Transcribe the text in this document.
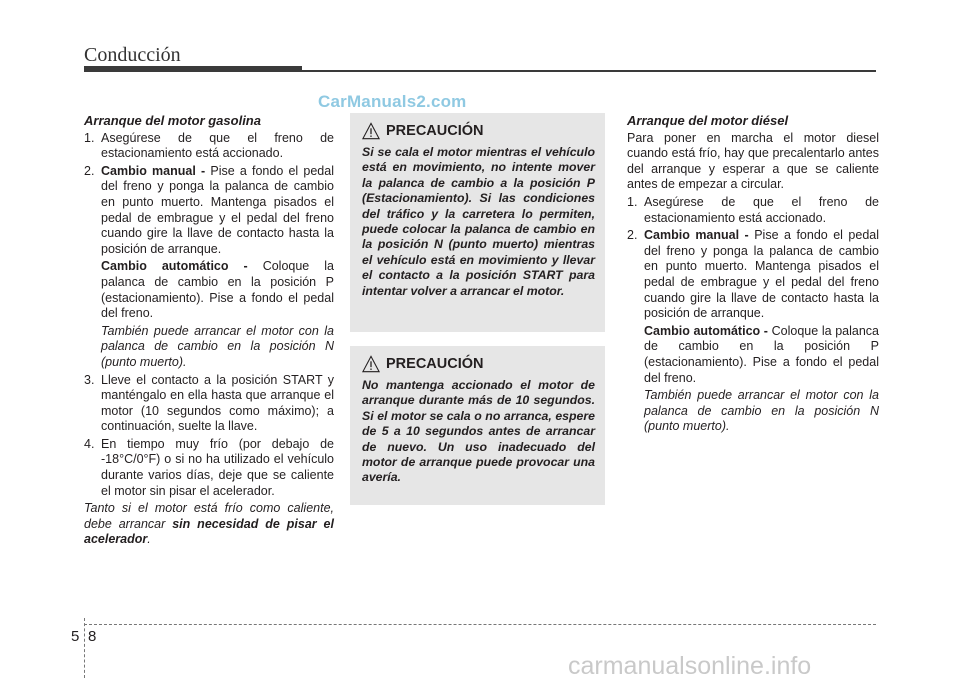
Conducción
CarManuals2.com
Arranque del motor gasolina
1. Asegúrese de que el freno de estacionamiento está accionado.
2. Cambio manual - Pise a fondo el pedal del freno y ponga la palanca de cambio en punto muerto. Mantenga pisados el pedal de embrague y el pedal del freno cuando gire la llave de contacto hasta la posición de arranque.
Cambio automático - Coloque la palanca de cambio en la posición P (estacionamiento). Pise a fondo el pedal del freno.
También puede arrancar el motor con la palanca de cambio en la posición N (punto muerto).
3. Lleve el contacto a la posición START y manténgalo en ella hasta que arranque el motor (10 segundos como máximo); a continuación, suelte la llave.
4. En tiempo muy frío (por debajo de -18°C/0°F) o si no ha utilizado el vehículo durante varios días, deje que se caliente el motor sin pisar el acelerador.
Tanto si el motor está frío como caliente, debe arrancar sin necesidad de pisar el acelerador.
PRECAUCIÓN

Si se cala el motor mientras el vehículo está en movimiento, no intente mover la palanca de cambio a la posición P (Estacionamiento). Si las condiciones del tráfico y la carretera lo permiten, puede colocar la palanca de cambio en la posición N (punto muerto) mientras el vehículo está en movimiento y llevar el contacto a la posición START para intentar volver a arrancar el motor.

PRECAUCIÓN

No mantenga accionado el motor de arranque durante más de 10 segundos. Si el motor se cala o no arranca, espere de 5 a 10 segundos antes de arrancar de nuevo. Un uso inadecuado del motor de arranque puede provocar una avería.

Arranque del motor diésel
Para poner en marcha el motor diesel cuando está frío, hay que precalentarlo antes del arranque y esperar a que se caliente antes de empezar a circular.
1. Asegúrese de que el freno de estacionamiento está accionado.
2. Cambio manual - Pise a fondo el pedal del freno y ponga la palanca de cambio en punto muerto. Mantenga pisados el pedal de embrague y el pedal del freno cuando gire la llave de contacto hasta la posición de arranque.
Cambio automático - Coloque la palanca de cambio en la posición P (estacionamiento). Pise a fondo el pedal del freno.
También puede arrancar el motor con la palanca de cambio en la posición N (punto muerto).
5 8
carmanualsonline.info
